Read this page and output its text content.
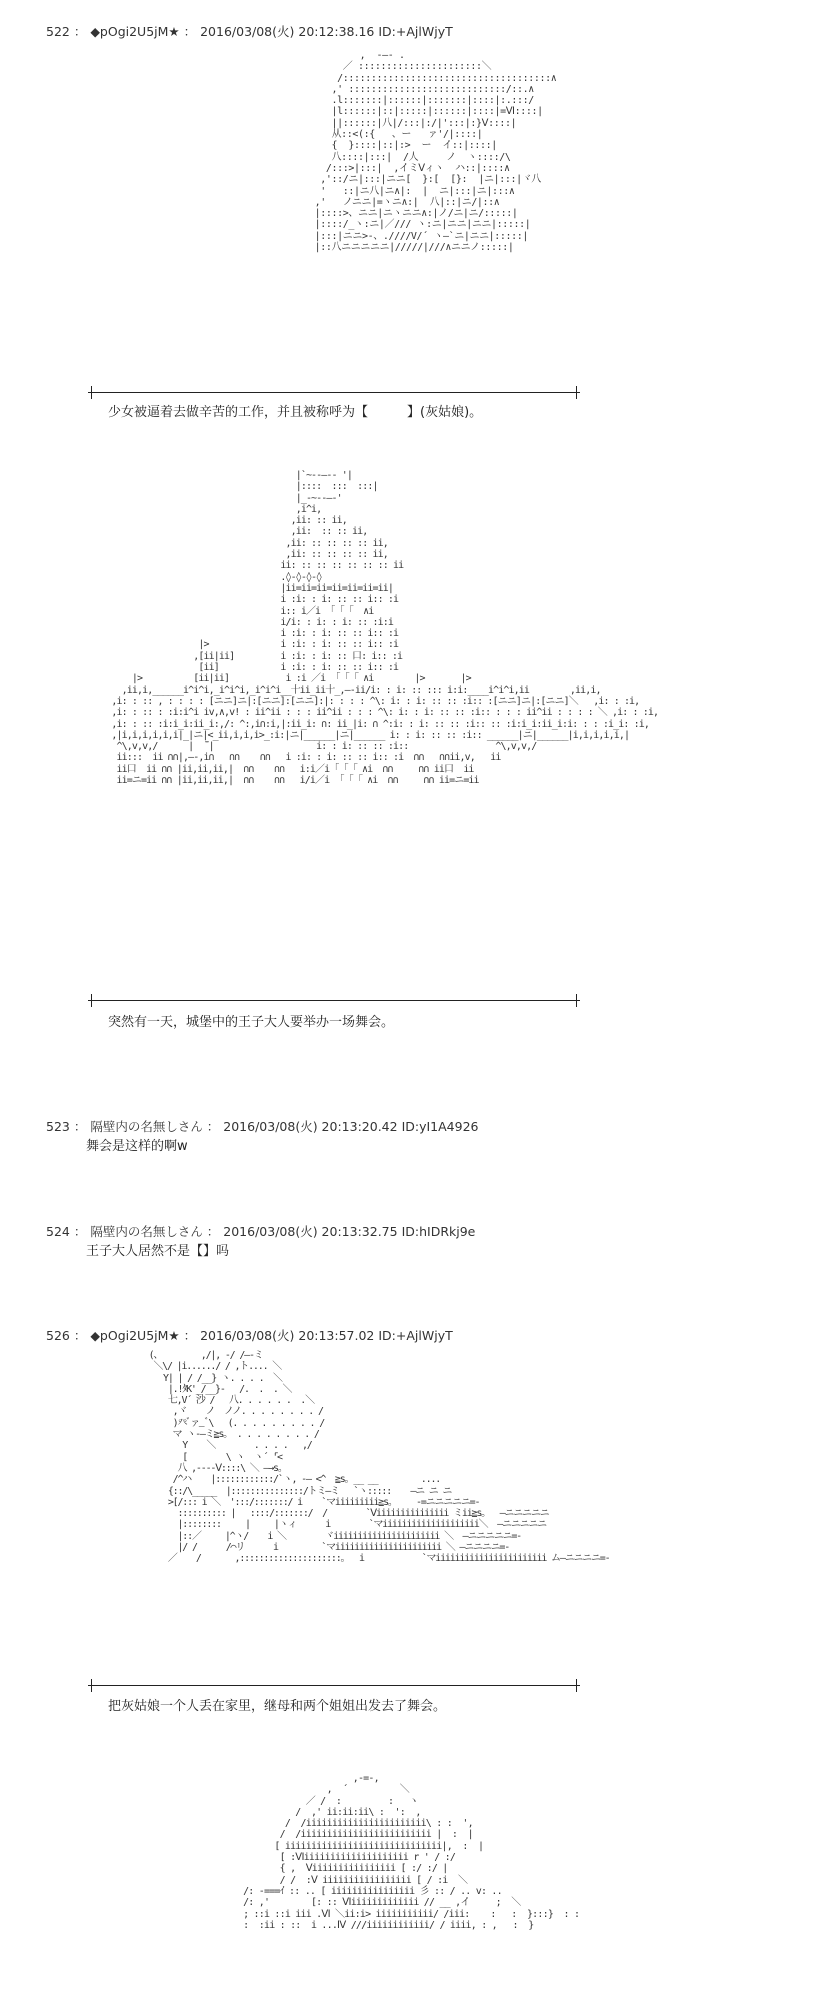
522 ： ◆pOgi2U5jM★ ： 2016/03/08(火) 20:12:38.16 ID:+AjlWjyT
,  -―- .
／ ::::::::::::::::::::::＼
/:::::::::::::::::::::::::::::::::::::∧
,' ::::::::::::::::::::::::::::/::.∧
.l:::::::|::::::|:::::::|::::|:.:::/
|l::::::|::|:::::|::::::|::::|=Ⅵ::::|
||::::::|八|/:::|:/|':::|:}Ⅴ::::|
从::<(:{   、ー   ァ'/|::::|
{  }::::|::|:>  ー  イ::|::::|
八::::|:::|  /人     ノ  ヽ::::/\
/:::>|:::|  ,イミⅤィヽ  ハ::|::::∧
,'::/ニ|:::|ニニ[  }:[  [}:  |ニ|:::|ヾ八
'   ::|ニ八|ニ∧|:  |  ニ|:::|ニ|:::∧
,'   ノニニ|=ヽニ∧:|  八|::|ニ/|::∧
|::::>、ニニ|ニヽニニ∧:|ノ/ニ|ニ/:::::|
|::::/_ヽ:ニ|／/// ヽ:ニ|ニニ|ニニ|:::::|
|:::|ニニ>-、.////V/´ ヽ―`ニ|ニニ|:::::|
|::八ニニニニニ|/////|///∧ニニノ:::::|
少女被逼着去做辛苦的工作，并且被称呼为【　　　】(灰姑娘)。
|`~--―-- '|
|::::  :::  :::|
|_-~--―-'
,i^i,
,ii: :: ii,
,ii:  :: :: ii,
,ii: :: :: :: :: ii,
,ii: :: :: :: :: ii,
ii: :: :: :: :: :: :: ii
.◊-◊-◊-◊
|ii=ii=ii=ii=ii=ii=ii|
i :i: : i: :: :: i:: :i
i:: i／i  ｢ ｢ ｢  ∧i
i/i: : i: : i: :: :i:i
i :i: : i: :: :: i:: :i
|>              i :i: : i: :: :: i:: :i
,[ii|ii]         i :i: : i: :: 口: i:: :i
[ii]            i :i: : i: :: :: i:: :i
|>          [ii|ii]           i :i ／i  ｢ ｢ ｢ ∧i        |>       |>
,ii,i,______i^i^i,_i^i^i,_i^i^i__十ii_ii十_,―-ii/i: : i: :: ::: i:i:____i^i^i,ii        ,ii,i,
,i: : :: , : : : : [ニニ]ニ|:[ニニ]:[ニニ]:|: : : : ^\: i: : i: :: :: :i:: :[ニニ]ニ|:[ニニ]＼   ,i: : :i,
,i: : :: : :i:i^i iv,∧,v! : ii^ii : : : ii^ii : : : ^\: i: : i: :: :: :i:: : : : ii^ii : : : : ＼ ,i: : :i,
,i: : :: :i:i_i:ii_i:,/: ^:,i∩:i,|:ii_i: ∩: ii_|i: ∩ ^:i: : i: :: :: :i:: :: :i:i_i:ii_i:i: : : :i_i: :i,
,|i,i,i,i,i,i|_|ニ|<_ii,i,i,i>_:i:|ニ|______|ニ|______ i: : i: :: :: :i:: ______|ニ|______|i,i,i,i,i,|
^\,v,v,/      |  ̄¯|                    i: : i: :: :: :i::                 ^\,v,v,/
ii:::  ii ∩∩|,―-,i∩   ∩∩    ∩∩   i :i: : i: :: :: i:: :i  ∩∩   ∩∩ii,v,   ii
ii口  ii ∩∩ |ii,ii,ii,|  ∩∩    ∩∩   i:i／i ｢ ｢ ｢ ∧i  ∩∩     ∩∩ ii口  ii
ii=ニ=ii ∩∩ |ii,ii,ii,|  ∩∩    ∩∩   i/i／i  ｢ ｢ ｢ ∧i  ∩∩     ∩∩ ii=ニ=ii
突然有一天，城堡中的王子大人要举办一场舞会。
523 ： 隔壁内の名無しさん ： 2016/03/08(火) 20:13:20.42 ID:yI1A4926
舞会是这样的啊w
524 ： 隔壁内の名無しさん ： 2016/03/08(火) 20:13:32.75 ID:hIDRkj9e
王子大人居然不是【】吗
526 ： ◆pOgi2U5jM★ ： 2016/03/08(火) 20:13:57.02 ID:+AjlWjyT
(、        ,/|, -/ /―-ミ
＼\/ |i....../ / ,ト.... ＼
Y| | / /__} ヽ. . . .  ＼
|.!ﾀK'_/__}-   /.  .  . ＼
七,V´ 沙 /   八. . . . . .  .＼
,ヾ    ノ  ノノ. . . . . . . . /
)癶ﾞァ_ﾞ\   (. . . . . . . . . /
マ ヽ-―ミ≧s。 . . . . . . . . /
Y    ＼        . . . .   ,/
[        \ ヽ  ヽ´ ̄'<
八 ,----Ⅴ::::\ ＼ ―→s。
/^ハ    |::::::::::::/`ヽ, -― <^  ≧s。__ __         ....
{::/\_____  |:::::::::::::::/トミ―ミ   `ヽ:::::    ―ニ ニ ニ
>[/::: i ＼  ':::/:::::::/ i    `マiiiiiiiii≧s。    -=ニニニニニ=-
:::::::::: |   ::::/:::::::/  /        `Ⅴiiiiiiiiiiiiiii ミii≧s。  ―ニニニニニ
|::::::::     |     |ヽィ      i        `マiiiiiiiiiiiiiiiiiiii＼  ―ニニニニニ
|::／     |^ヽ/    i ＼        ヾiiiiiiiiiiiiiiiiiiiiii ＼  ―ニニニニニ=-
|/ /      /⌒リ      i         `マiiiiiiiiiiiiiiiiiiiiii ＼ ―ニニニニ=-
／    /       ,:::::::::::::::::::::。  i            `マiiiiiiiiiiiiiiiiiiiiiii ム―ニニニニ=-
把灰姑娘一个人丢在家里，继母和两个姐姐出发去了舞会。
,-=-,
,  ´          ＼
／ /  :         :   ヽ
/  ,' ii:ii:ii\ :  ':  ,
/  /iiiiiiiiiiiiiiiiiiiiiii\ : :  ',
/  /iiiiiiiiiiiiiiiiiiiiiiiii |  :  |
[ iiiiiiiiiiiiiiiiiiiiiiiiiiiiii|,  :  |
[ :Ⅵiiiiiiiiiiiiiiiiiiii r ' / :/
{ ,  Ⅴiiiiiiiiiiiiiiii [ :/ :/ |
/ /  :Ⅴ iiiiiiiiiiiiiiiii [ / :i  ＼
/: -===ｲ :: .. [ iiiiiiiiiiiiiiii 彡 :: / .. v: ..
/: ,'        [: :: Ⅵiiiiiiiiiiiii // __ ,イ     ;  ＼
; ::i ::i iii .Ⅵ ＼ii:i> iiiiiiiiiii/ /iii:    :   :  }:::}  : :
:  :ii : ::  i ...Ⅳ ///iiiiiiiiiiii/ / iiii, : ,   :  }
